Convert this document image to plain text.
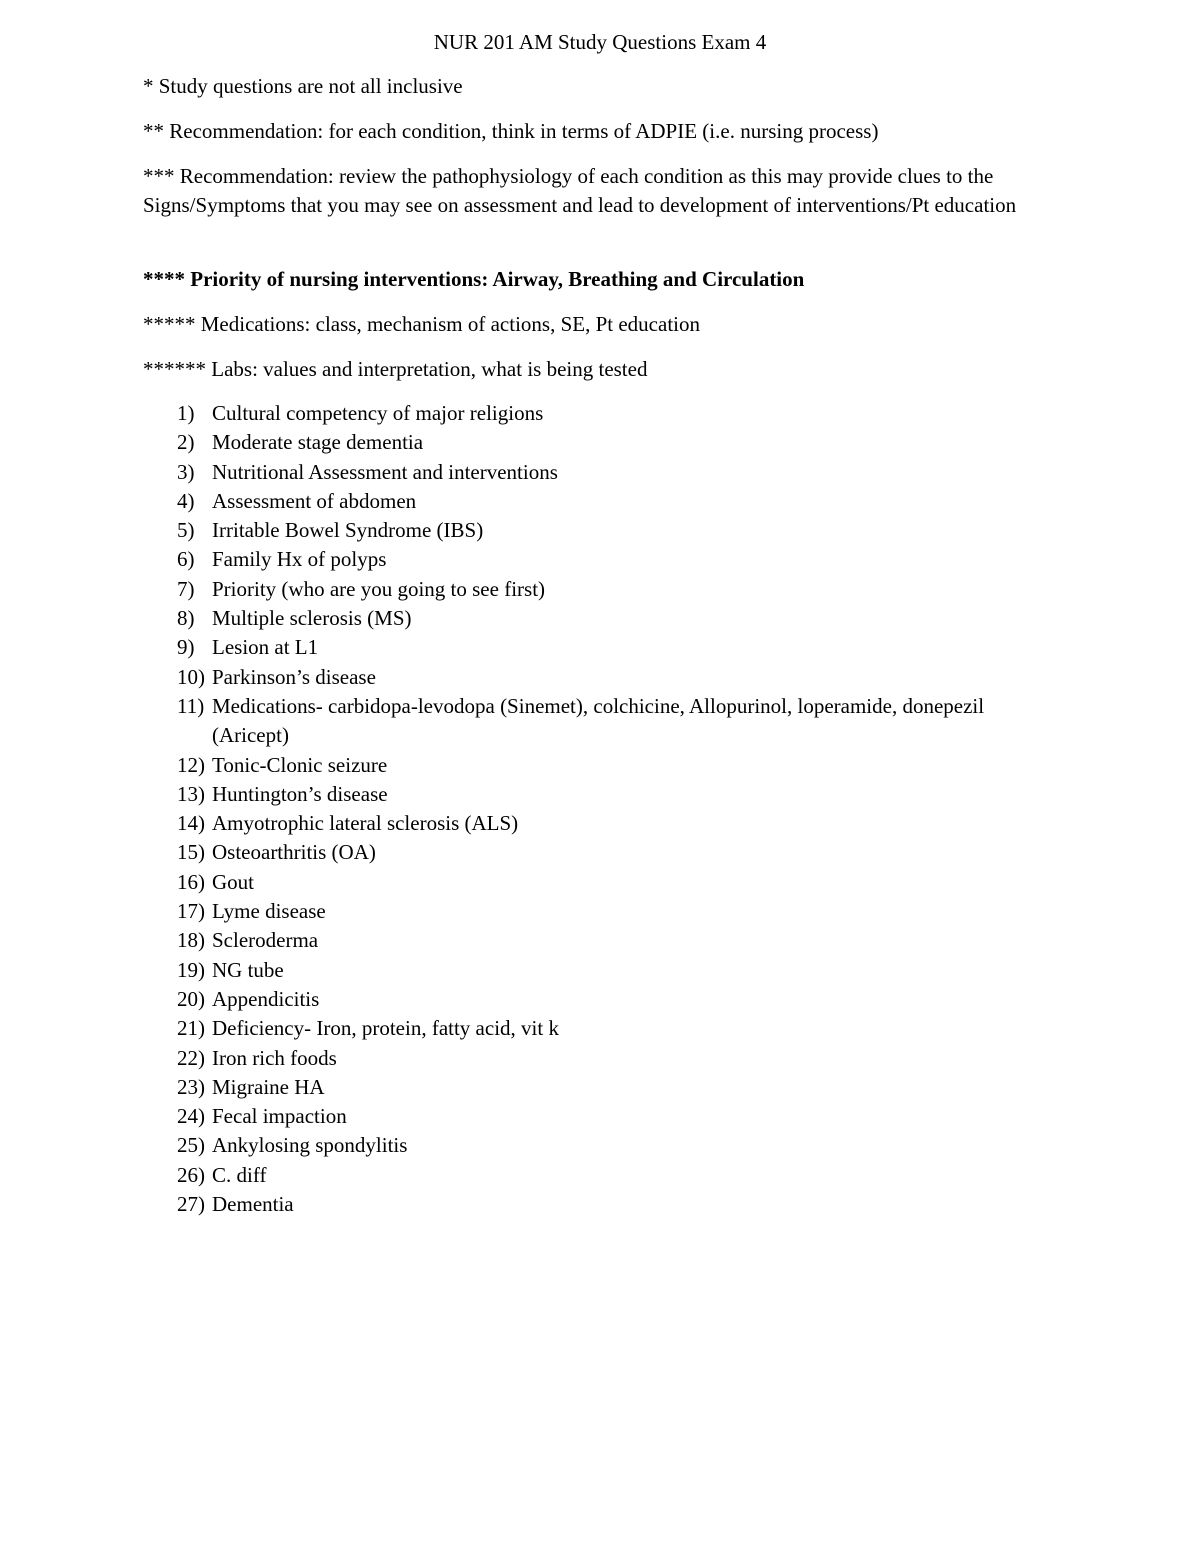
NUR 201 AM Study Questions Exam 4

* Study questions are not all inclusive

** Recommendation: for each condition, think in terms of ADPIE (i.e. nursing process)

*** Recommendation: review the pathophysiology of each condition as this may provide clues to the Signs/Symptoms that you may see on assessment and lead to development of interventions/Pt education

**** Priority of nursing interventions: Airway, Breathing and Circulation

***** Medications: class, mechanism of actions, SE, Pt education

****** Labs: values and interpretation, what is being tested

1) Cultural competency of major religions
2) Moderate stage dementia
3) Nutritional Assessment and interventions
4) Assessment of abdomen
5) Irritable Bowel Syndrome (IBS)
6) Family Hx of polyps
7) Priority (who are you going to see first)
8) Multiple sclerosis (MS)
9) Lesion at L1
10) Parkinson’s disease
11) Medications- carbidopa-levodopa (Sinemet), colchicine, Allopurinol, loperamide, donepezil (Aricept)
12) Tonic-Clonic seizure
13) Huntington’s disease
14) Amyotrophic lateral sclerosis (ALS)
15) Osteoarthritis (OA)
16) Gout
17) Lyme disease
18) Scleroderma
19) NG tube
20) Appendicitis
21) Deficiency- Iron, protein, fatty acid, vit k
22) Iron rich foods
23) Migraine HA
24) Fecal impaction
25) Ankylosing spondylitis
26) C. diff
27) Dementia
